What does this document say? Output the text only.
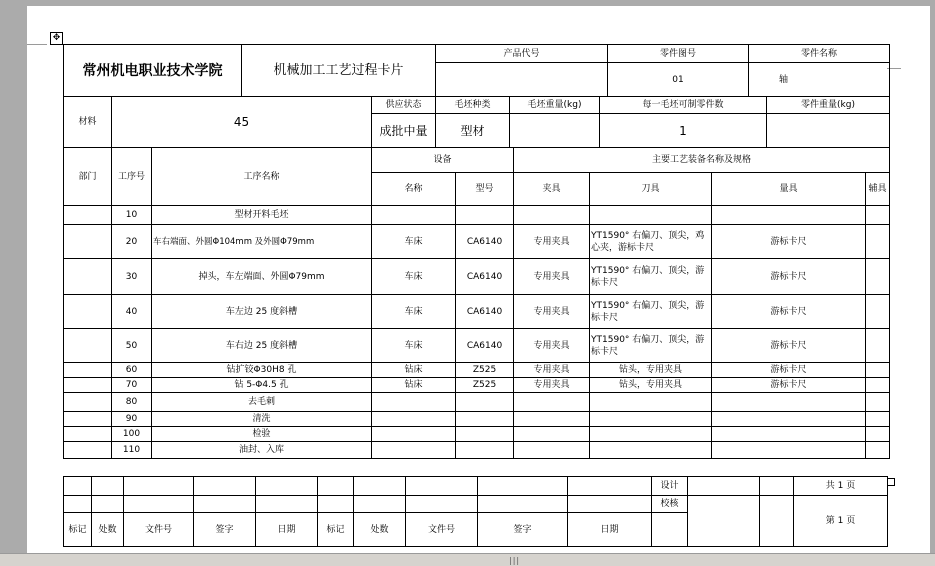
✥
常州机电职业技术学院	机械加工工艺过程卡片	产品代号	零件图号	零件名称
			01	轴
材料	45	供应状态	毛坯种类	毛坯重量(kg)	每一毛坯可制零件数	零件重量(kg)
		成批中量	型材		1	
部门	工序号	工序名称	设备		主要工艺装备名称及规格			
			名称	型号	夹具	刀具	量具	辅具
	10	型材开料毛坯						
	20	车右端面、外圆Φ104mm 及外圆Φ79mm	车床	CA6140	专用夹具	YT1590° 右偏刀、顶尖，鸡心夹，游标卡尺	游标卡尺	
	30	掉头，车左端面、外圆Φ79mm	车床	CA6140	专用夹具	YT1590° 右偏刀、顶尖，游标卡尺	游标卡尺	
	40	车左边 25 度斜槽	车床	CA6140	专用夹具	YT1590° 右偏刀、顶尖，游标卡尺	游标卡尺	
	50	车右边 25 度斜槽	车床	CA6140	专用夹具	YT1590° 右偏刀、顶尖，游标卡尺	游标卡尺	
	60	钻扩铰Φ30H8 孔	钻床	Z525	专用夹具	钻头，专用夹具	游标卡尺	
	70	钻 5-Φ4.5 孔	钻床	Z525	专用夹具	钻头，专用夹具	游标卡尺	
	80	去毛刺						
	90	清洗						
	100	检验						
	110	油封、入库						
										设计			共 1 页
										校核			第 1 页
标记	处数	文件号	签字	日期	标记	处数	文件号	签字	日期				
|||
